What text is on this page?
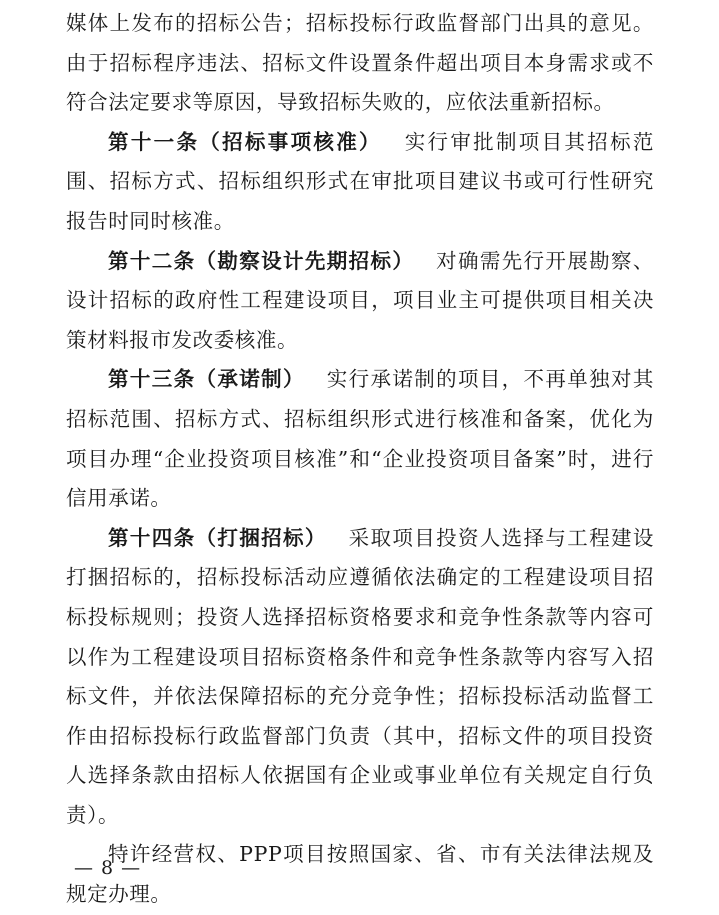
媒体上发布的招标公告；招标投标行政监督部门出具的意见。由于招标程序违法、招标文件设置条件超出项目本身需求或不符合法定要求等原因，导致招标失败的，应依法重新招标。

第十一条（招标事项核准）  实行审批制项目其招标范围、招标方式、招标组织形式在审批项目建议书或可行性研究报告时同时核准。

第十二条（勘察设计先期招标）  对确需先行开展勘察、设计招标的政府性工程建设项目，项目业主可提供项目相关决策材料报市发改委核准。

第十三条（承诺制）  实行承诺制的项目，不再单独对其招标范围、招标方式、招标组织形式进行核准和备案，优化为项目办理“企业投资项目核准”和“企业投资项目备案”时，进行信用承诺。

第十四条（打捆招标）  采取项目投资人选择与工程建设打捆招标的，招标投标活动应遵循依法确定的工程建设项目招标投标规则；投资人选择招标资格要求和竞争性条款等内容可以作为工程建设项目招标资格条件和竞争性条款等内容写入招标文件，并依法保障招标的充分竞争性；招标投标活动监督工作由招标投标行政监督部门负责（其中，招标文件的项目投资人选择条款由招标人依据国有企业或事业单位有关规定自行负责）。

特许经营权、PPP项目按照国家、省、市有关法律法规及规定办理。

— 8 —
